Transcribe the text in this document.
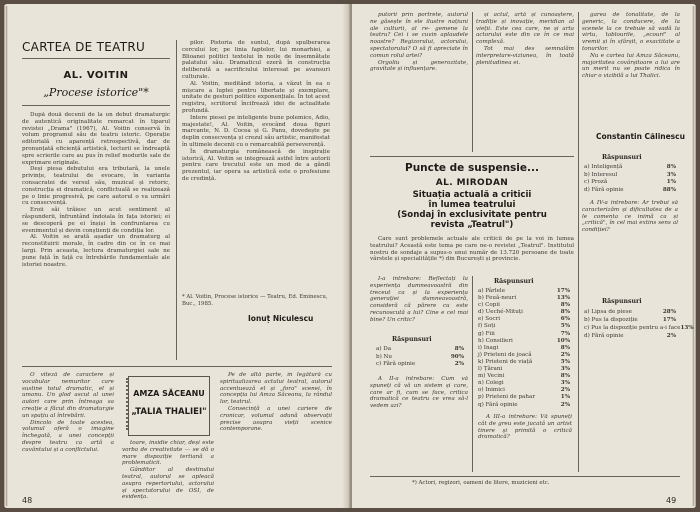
CARTEA DE TEATRU
AL. VOITIN
„Procese istorice"*

După două decenii de la un debut dramaturgic de autentică originalitate remarcat în tiparul revistei „Drama" (1967), Al. Voitin conservă în volum programul său de teatru istoric. Operație editorială cu aparență retrospectivă, dar de pronunțată eficiență artistică, lecturii se îndreaptă spre scrierile care au pus în relief modurile sale de exprimare originale.

Deși piesa debutului era tributară, la unele privințe, teatrului de evocare, în varianta consacratei de versul său, muzical și retoric, construcția ei dramatică, conflictuală se realizează pe o linie progresivă, pe care autorul o va urmări cu consecvență.

Eroii săi trăiesc un acut sentiment al răspunderii, înfruntând îndoiala în fața istoriei; ei se descoperă pe ei înșiși în confruntarea cu evenimentul și devin conștienți de condiția lor.

Al. Voitin se arată așadar un dramaturg al reconstituirii morale, în cadre din ce în ce mai largi. Prin aceasta, lectura dramaturgiei sale ne pune față în față cu întrebările fundamentale ale istoriei noastre.

pilor. Pistoria de suntul, după spulberarea cercului lor, pe linia faptelor, lui monarhiei, a Blioanei politici textelui în noile de însemnătate palatului său. Dramaticul ezeră în construcția deliberată a sacrificiului interesat pe avansuri culturale.

Al. Voitin, meditând istoria, a văzut în ea o mișcare a luptei pentru libertate și exemplare, unitate de gesturi politice exponențiale. În tot acest registru, scriitorul încifrează idei de actualitate profundă.

Intere piesei pe inteligente bune polemice, Adio, majestate!, Al. Voitin, evocând doua figuri marcante, N. D. Cocea și G. Panu, dovedește pe deplin consecvența și crezul său artistic, manifestat în ultimele decenii cu o remarcabilă perseverență.

În dramaturgia românească de inspirație istorică, Al. Voitin se integrează astfel între autorii pentru care trecutul este un mod de a gândi prezentul, iar opera sa artistică este o profesiune de credință.

* Al. Voitin, Procese istorice — Teatru, Ed. Eminescu, Buc., 1985.
Ionuț Niculescu

O viteză de caractere și vocabular nemuritor care sustine totul dramatic, el și umanu. Un glod ascut al unei autori care prin întreaga sa creație a făcut din dramaturgie un spațiu al întrebării.

Dincolo de toate acestea, volumul oferă o imagine închegată, a unei concepții despre teatru ca artă a cuvântului și a conflictului.

AMZA SĂCEANU
„TALIA THALIEI"

toare, insidie chiar, deși este vorba de creativitate — se dă o mare dispoziție tertiană a problematicii.

Gânditor al destinului teatral, autorul se apleacă asupra repertoriului, actorului și spectatorului de OSI, de evidența.

Pe de altă parte, în legătură cu spiritualizarea actului teatral, autorul accentuează el și „fora" scenei, în concepția lui Amza Săceanu, la rândul lor, teatrul.

Consecință a unei cariere de cronicar, volumul adună observații precise asupra vieții scenice contemporane.

48

putorii prin portrete, autorul ne găsește în ele ilustre națiuni ale culturii, al re- gemene la teatru? Cei i se cuvin aplaudele noastre? Regizorului, actorului, spectatorului? O să fi apreciate în comun rolul artei?

Orgoliu și generozitate, gravitate și influențare.

și actul, artă și cunoaștere, tradiție și inovație, meridian al vieții. Este cea care, ne și arta actorului este din ce în ce mai complexă.

Tot mai des semnalăm interpretare-viziunea, în toată plenitudinea ei.

garea de tonalitate, de la generic, la conducere, de la scenele la ce trebuie să vadă la virtu, tablourile, „ecouri" al vremii și în sfârșit, o exactitate a tonurilor.

Nu e cartea lui Amza Săceanu, majoritatea covârșitoare a lui are un merit nu se poate ridica în chiar o vizibilă a lui Thalici.

Constantin Călinescu
Puncte de suspensie...
AL. MIRODAN
Situația actuală a criticii
în lumea teatrului
(Sondaj în exclusivitate pentru
revista „Teatrul")

Care sunt problemele actuale ale criticii de pe la voi în lumea teatrului? Această este tema pe care ne-o revistei „Teatrul". Institutul nostru de sondaje a supus-o unui număr de 13.720 persoane de toate vârstele și specialitățile *) din București și provincie.

I-a întrebare: Reflectați la experiența dumneavoastră din treceut ca și la experiența generației dumneavoastră, consideră că părere cu este recunoscută a lui? Cine e cel mai bine? Un critic?

Răspunsuri
a) Da	8%
b) Nu	90%
c) Fără opinie	2%

A II-a întrebare: Cum vă spuneți că vă un sistem și care, care ar fi, cum se face, critica dramatică ce teatru ce vrea să-l vedem azi?

Răspunsuri
a) Pârlele	17%
b) Feuă-neuri	13%
c) Copii	8%
d) Ueché-Mituți	8%
e) Socri	6%
f) Soți	5%
g) Fiii	7%
h) Consilieri	10%
i) Inagi	8%
j) Prieteni de joacă	2%
k) Prieteni de viață	5%
l) Țărani	3%
m) Vecini	8%
n) Colegi	3%
o) Inimici	2%
p) Prieteni de pahar	1%
q) Fără opinie	2%

A III-a întrebare: Vă spuneți cât de greu este jucată un artist tinere și primită o critică dramatică?

Răspunsuri
a) Inteligență	8%
b) Interesul	3%
c) Proză	1%
d) Fără opinie	88%

A IV-a întrebare: Ar trebui să caracterizăm și dificultatea de a le comenta ce inimă ca și „critică", în cel mai extins sens al condiției?

Răspunsuri
a) Lipsa de piese	28%
b) Pus la dispoziție	17%
c) Pus la dispoziție pentru a-i face 13%
d) Fără opinie	2%
*) Actori, regizori, oameni de litere, muzicieni etc.
49
